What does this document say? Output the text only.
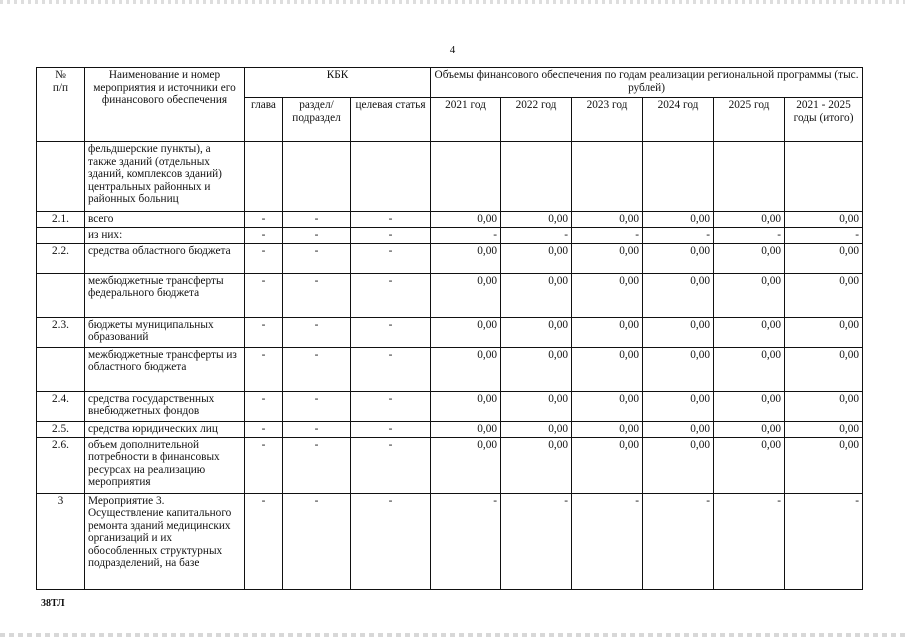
4
№
п/п	Наименование и номер мероприятия и источники его финансового обеспечения	КБК			Объемы финансового обеспечения по годам реализации региональной программы (тыс. рублей)					
		глава	раздел/ подраздел	целевая статья	2021 год	2022 год	2023 год	2024 год	2025 год	2021 - 2025 годы (итого)
	фельдшерские пункты), а также зданий (отдельных зданий, комплексов зданий) центральных районных и районных больниц									
2.1.	всего	-	-	-	0,00	0,00	0,00	0,00	0,00	0,00
	из них:	-	-	-	-	-	-	-	-	-
2.2.	средства областного бюджета	-	-	-	0,00	0,00	0,00	0,00	0,00	0,00
	межбюджетные трансферты федерального бюджета	-	-	-	0,00	0,00	0,00	0,00	0,00	0,00
2.3.	бюджеты муниципальных образований	-	-	-	0,00	0,00	0,00	0,00	0,00	0,00
	межбюджетные трансферты из областного бюджета	-	-	-	0,00	0,00	0,00	0,00	0,00	0,00
2.4.	средства государственных внебюджетных фондов	-	-	-	0,00	0,00	0,00	0,00	0,00	0,00
2.5.	средства юридических лиц	-	-	-	0,00	0,00	0,00	0,00	0,00	0,00
2.6.	объем дополнительной потребности в финансовых ресурсах на реализацию мероприятия	-	-	-	0,00	0,00	0,00	0,00	0,00	0,00
3	Мероприятие 3. Осуществление капитального ремонта зданий медицинских организаций и их обособленных структурных подразделений, на базе	-	-	-	-	-	-	-	-	-
38ТЛ
